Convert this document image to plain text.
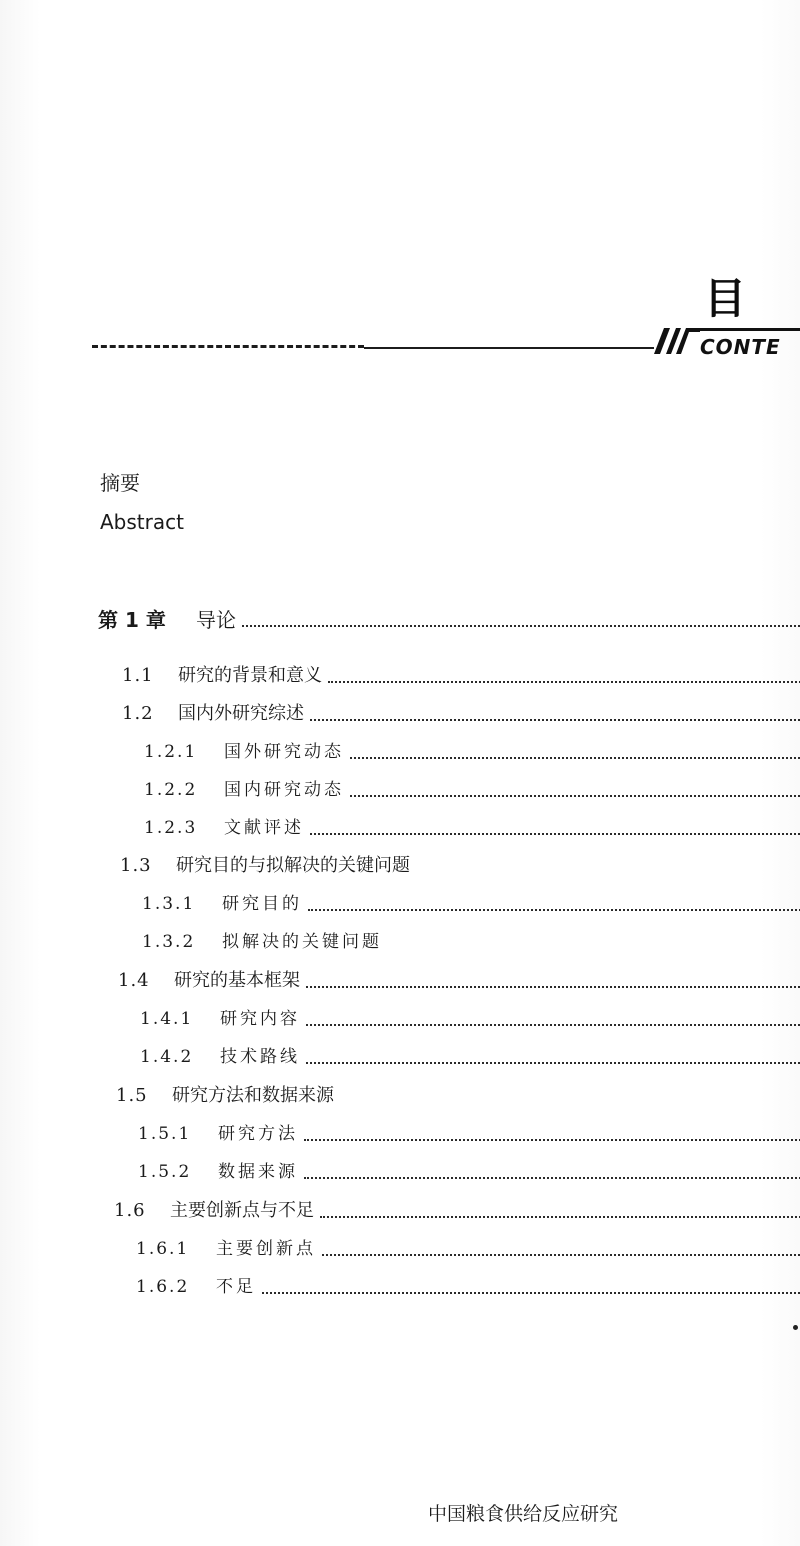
目
CONTE
摘要
Abstract
第 1 章	导论
1.1	研究的背景和意义
1.2	国内外研究综述
1.2.1	国外研究动态
1.2.2	国内研究动态
1.2.3	文献评述
1.3	研究目的与拟解决的关键问题
1.3.1	研究目的
1.3.2	拟解决的关键问题
1.4	研究的基本框架
1.4.1	研究内容
1.4.2	技术路线
1.5	研究方法和数据来源
1.5.1	研究方法
1.5.2	数据来源
1.6	主要创新点与不足
1.6.1	主要创新点
1.6.2	不足
中国粮食供给反应研究
